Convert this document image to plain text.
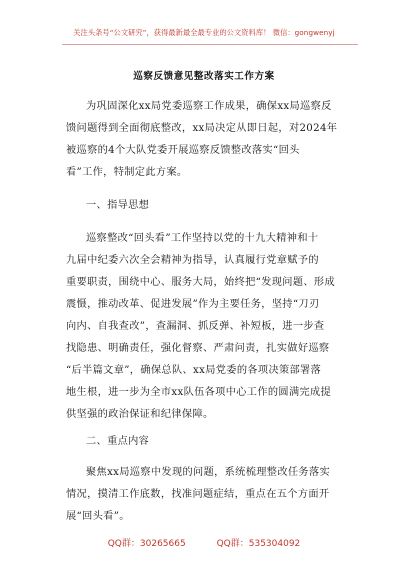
关注头条号“公文研究”，获得最新最全最专业的公文资料库！ 微信：gongwenyj
巡察反馈意见整改落实工作方案
为巩固深化xx局党委巡察工作成果，确保xx局巡察反
馈问题得到全面彻底整改，xx局决定从即日起，对2024年
被巡察的4个大队党委开展巡察反馈整改落实“回头
看”工作，特制定此方案。
一、指导思想
巡察整改“回头看”工作坚持以党的十九大精神和十
九届中纪委六次全会精神为指导，认真履行党章赋予的
重要职责，围绕中心、服务大局，始终把“发现问题、形成
震慑，推动改革、促进发展”作为主要任务，坚持“刀刃
向内、自我查改”，查漏洞、抓反弹、补短板，进一步查
找隐患、明确责任，强化督察、严肃问责，扎实做好巡察
“后半篇文章”，确保总队、xx局党委的各项决策部署落
地生根，进一步为全市xx队伍各项中心工作的圆满完成提
供坚强的政治保证和纪律保障。
二、重点内容
聚焦xx局巡察中发现的问题，系统梳理整改任务落实
情况，摸清工作底数，找准问题症结，重点在五个方面开
展“回头看”。
QQ群：30265665	QQ群：535304092
